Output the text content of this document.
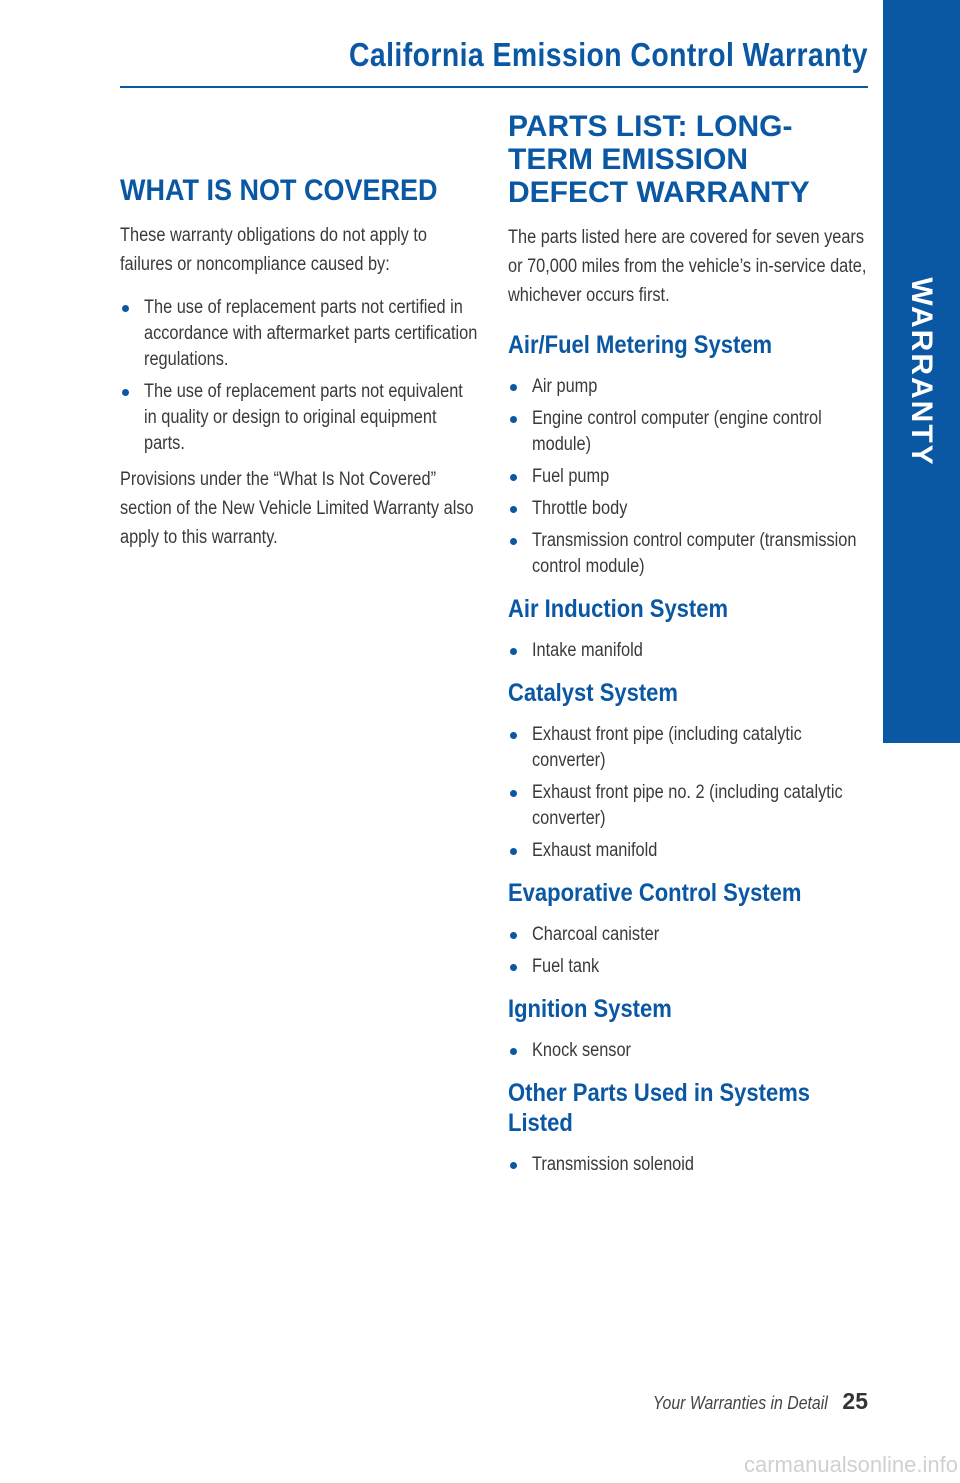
California Emission Control Warranty
WARRANTY
WHAT IS NOT COVERED

These warranty obligations do not apply to failures or noncompliance caused by:

The use of replacement parts not certified in accordance with aftermarket parts certification regulations.
The use of replacement parts not equivalent in quality or design to original equipment parts.

Provisions under the “What Is Not Covered” section of the New Vehicle Limited Warranty also apply to this warranty.

PARTS LIST: LONG-TERM EMISSION DEFECT WARRANTY

The parts listed here are covered for seven years or 70,000 miles from the vehicle’s in-service date, whichever occurs first.

Air/Fuel Metering System
Air pump
Engine control computer (engine control module)
Fuel pump
Throttle body
Transmission control computer (transmission control module)
Air Induction System
Intake manifold
Catalyst System
Exhaust front pipe (including catalytic converter)
Exhaust front pipe no. 2 (including catalytic converter)
Exhaust manifold
Evaporative Control System
Charcoal canister
Fuel tank
Ignition System
Knock sensor
Other Parts Used in Systems Listed
Transmission solenoid
Your Warranties in Detail 25
carmanualsonline.info
